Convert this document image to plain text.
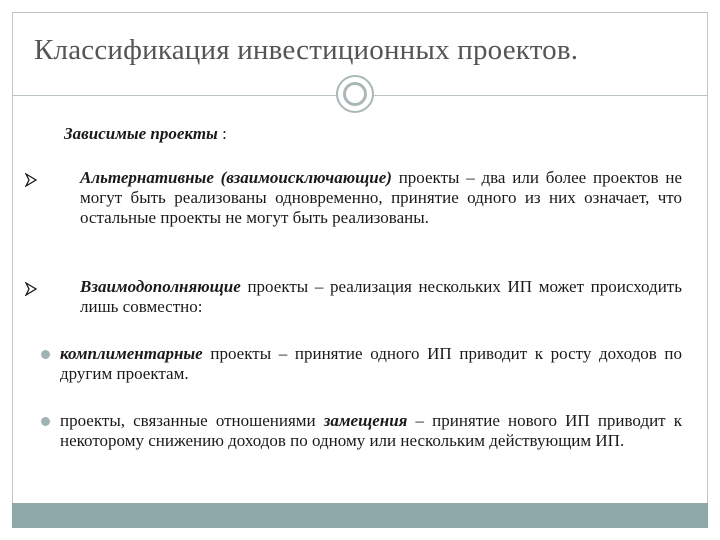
Классификация инвестиционных проектов.
Зависимые проекты :
Альтернативные (взаимоисключающие) проекты – два или более проектов не могут быть реализованы одновременно, принятие одного из них означает, что остальные проекты не могут быть реализованы.
Взаимодополняющие проекты – реализация нескольких ИП может происходить лишь совместно:
комплиментарные проекты – принятие одного ИП приводит к росту доходов по другим проектам.
проекты, связанные отношениями замещения – принятие нового ИП приводит к некоторому снижению доходов по одному или нескольким действующим ИП.
